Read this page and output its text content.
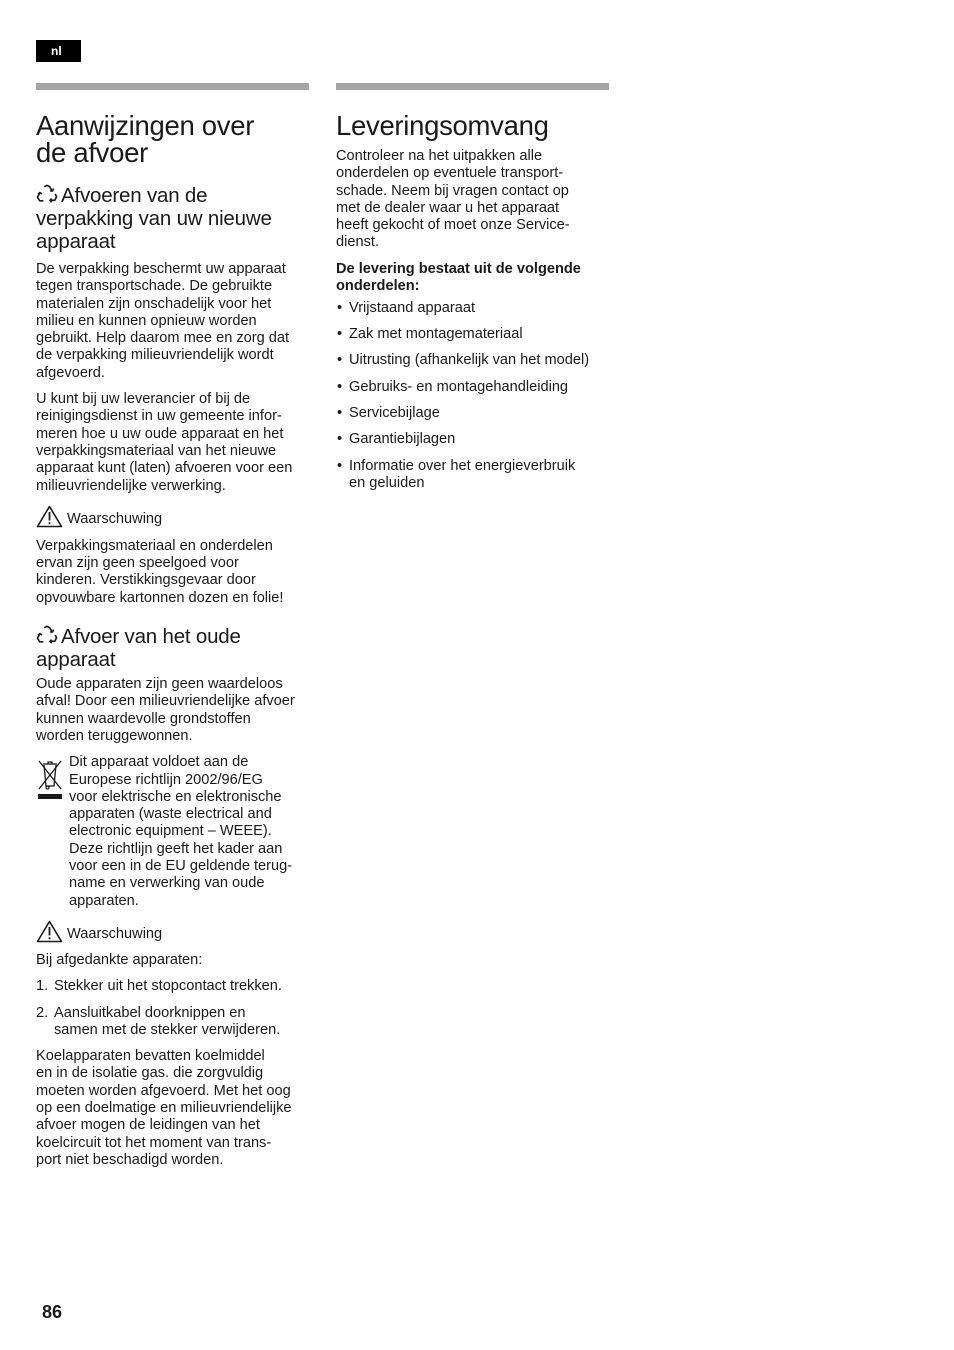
nl
Aanwijzingen over
de afvoer
Afvoeren van de
verpakking van uw nieuwe
apparaat

De verpakking beschermt uw apparaat
tegen transportschade. De gebruikte
materialen zijn onschadelijk voor het
milieu en kunnen opnieuw worden
gebruikt. Help daarom mee en zorg dat
de verpakking milieuvriendelijk wordt
afgevoerd.

U kunt bij uw leverancier of bij de
reinigingsdienst in uw gemeente infor-
meren hoe u uw oude apparaat en het
verpakkingsmateriaal van het nieuwe
apparaat kunt (laten) afvoeren voor een
milieuvriendelijke verwerking.

Waarschuwing

Verpakkingsmateriaal en onderdelen
ervan zijn geen speelgoed voor
kinderen. Verstikkingsgevaar door
opvouwbare kartonnen dozen en folie!

Afvoer van het oude
apparaat

Oude apparaten zijn geen waardeloos
afval! Door een milieuvriendelijke afvoer
kunnen waardevolle grondstoffen
worden teruggewonnen.

Dit apparaat voldoet aan de
Europese richtlijn 2002/96/EG
voor elektrische en elektronische
apparaten (waste electrical and
electronic equipment – WEEE).
Deze richtlijn geeft het kader aan
voor een in de EU geldende terug-
name en verwerking van oude
apparaten.

Waarschuwing

Bij afgedankte apparaten:

1. Stekker uit het stopcontact trekken.
2. Aansluitkabel doorknippen en
samen met de stekker verwijderen.

Koelapparaten bevatten koelmiddel
en in de isolatie gas. die zorgvuldig
moeten worden afgevoerd. Met het oog
op een doelmatige en milieuvriendelijke
afvoer mogen de leidingen van het
koelcircuit tot het moment van trans-
port niet beschadigd worden.

Leveringsomvang

Controleer na het uitpakken alle
onderdelen op eventuele transport-
schade. Neem bij vragen contact op
met de dealer waar u het apparaat
heeft gekocht of moet onze Service-
dienst.

De levering bestaat uit de volgende
onderdelen:
• Vrijstaand apparaat
• Zak met montagemateriaal
• Uitrusting (afhankelijk van het model)
• Gebruiks- en montagehandleiding
• Servicebijlage
• Garantiebijlagen
• Informatie over het energieverbruik
en geluiden
86
